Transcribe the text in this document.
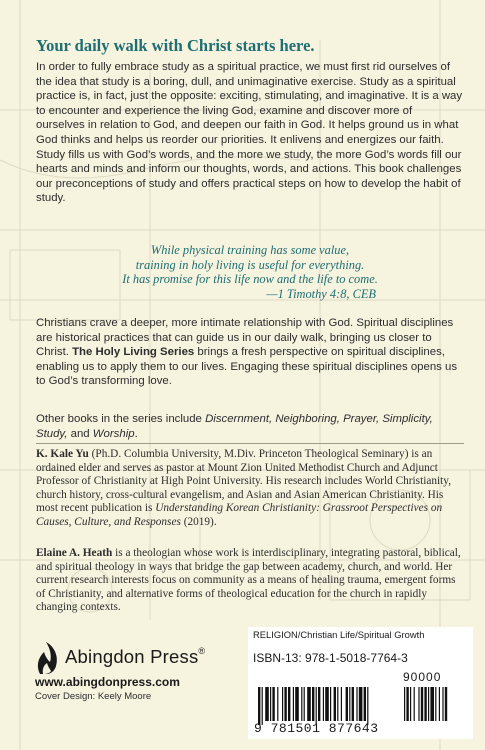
Your daily walk with Christ starts here.

In order to fully embrace study as a spiritual practice, we must first rid ourselves of the idea that study is a boring, dull, and unimaginative exercise. Study as a spiritual practice is, in fact, just the opposite: exciting, stimulating, and imaginative. It is a way to encounter and experience the living God, examine and discover more of ourselves in relation to God, and deepen our faith in God. It helps ground us in what God thinks and helps us reorder our priorities. It enlivens and energizes our faith. Study fills us with God’s words, and the more we study, the more God’s words fill our hearts and minds and inform our thoughts, words, and actions. This book challenges our preconceptions of study and offers practical steps on how to develop the habit of study.

While physical training has some value,
training in holy living is useful for everything.
It has promise for this life now and the life to come.
—1 Timothy 4:8, CEB

Christians crave a deeper, more intimate relationship with God. Spiritual disciplines are historical practices that can guide us in our daily walk, bringing us closer to Christ. The Holy Living Series brings a fresh perspective on spiritual disciplines, enabling us to apply them to our lives. Engaging these spiritual disciplines opens us to God’s transforming love.

Other books in the series include Discernment, Neighboring, Prayer, Simplicity, Study, and Worship.

K. Kale Yu (Ph.D. Columbia University, M.Div. Princeton Theological Seminary) is an ordained elder and serves as pastor at Mount Zion United Methodist Church and Adjunct Professor of Christianity at High Point University. His research includes World Christianity, church history, cross-cultural evangelism, and Asian and Asian American Christianity. His most recent publication is Understanding Korean Christianity: Grassroot Perspectives on Causes, Culture, and Responses (2019).

Elaine A. Heath is a theologian whose work is interdisciplinary, integrating pastoral, biblical, and spiritual theology in ways that bridge the gap between academy, church, and world. Her current research interests focus on community as a means of healing trauma, emergent forms of Christianity, and alternative forms of theological education for the church in rapidly changing contexts.

Abingdon Press®
www.abingdonpress.com
Cover Design: Keely Moore
RELIGION/Christian Life/Spiritual Growth
ISBN-13: 978-1-5018-7764-3
90000
9 781501 877643
